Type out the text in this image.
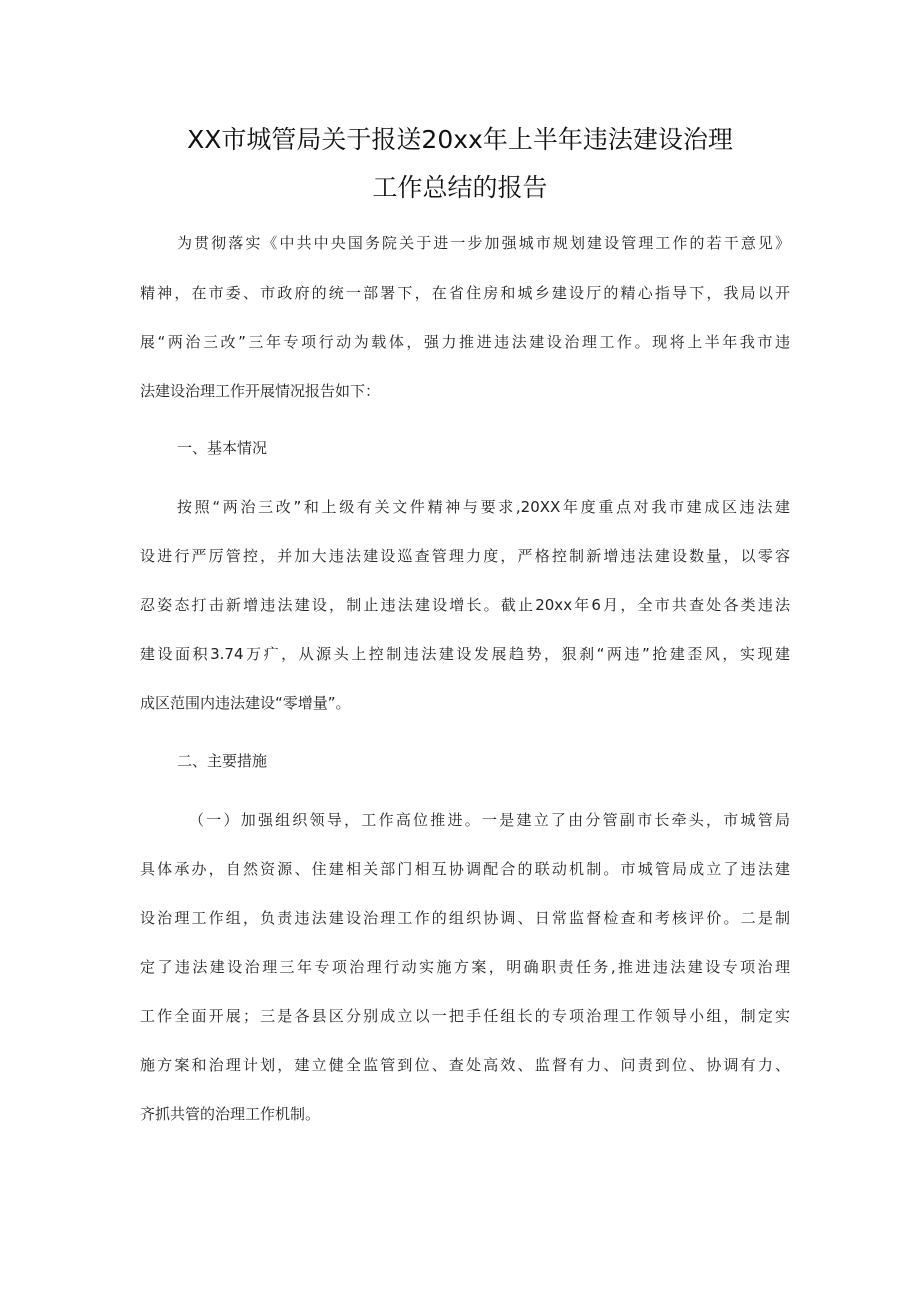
XX市城管局关于报送20xx年上半年违法建设治理
工作总结的报告
为贯彻落实《中共中央国务院关于进一步加强城市规划建设管理工作的若干意见》
精神，在市委、市政府的统一部署下，在省住房和城乡建设厅的精心指导下，我局以开
展“两治三改”三年专项行动为载体，强力推进违法建设治理工作。现将上半年我市违
法建设治理工作开展情况报告如下：
一、基本情况
按照“两治三改”和上级有关文件精神与要求,20XX年度重点对我市建成区违法建
设进行严厉管控，并加大违法建设巡查管理力度，严格控制新增违法建设数量，以零容
忍姿态打击新增违法建设，制止违法建设增长。截止20xx年6月，全市共查处各类违法
建设面积3.74万疒，从源头上控制违法建设发展趋势，狠刹“两违”抢建歪风，实现建
成区范围内违法建设“零增量”。
二、主要措施
（一）加强组织领导，工作高位推进。一是建立了由分管副市长牵头，市城管局
具体承办，自然资源、住建相关部门相互协调配合的联动机制。市城管局成立了违法建
设治理工作组，负责违法建设治理工作的组织协调、日常监督检查和考核评价。二是制
定了违法建设治理三年专项治理行动实施方案，明确职责任务,推进违法建设专项治理
工作全面开展；三是各县区分别成立以一把手任组长的专项治理工作领导小组，制定实
施方案和治理计划，建立健全监管到位、查处高效、监督有力、问责到位、协调有力、
齐抓共管的治理工作机制。
